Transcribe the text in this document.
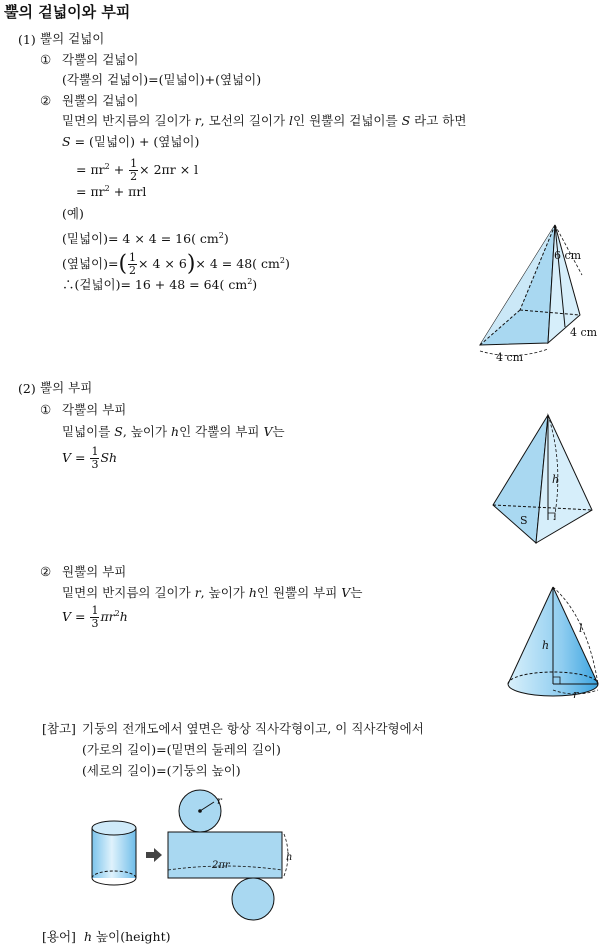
뿔의 겉넓이와 부피
(1) 뿔의 겉넓이
① 각뿔의 겉넓이
(각뿔의 겉넓이)=(밑넓이)+(옆넓이)
② 원뿔의 겉넓이
밑면의 반지름의 길이가 r, 모선의 길이가 l인 원뿔의 겉넓이를 S 라고 하면
S = (밑넓이) + (옆넓이)
= $\pi r^2 + \frac{1}{2} \times 2\pi r \times l$
= $\pi r^2 + \pi rl$
(예)
(밑넓이)= 4 × 4 = 16( $cm^2$)
(옆넓이)=( $\frac{1}{2} \times 4 \times 6)\times 4 = 48$( $cm^2$)
∴(겉넓이)= 16 + 48 = 64( $cm^2$)
6 cm
4 cm
4 cm
(2) 뿔의 부피
① 각뿔의 부피
밑넓이를 S, 높이가 h인 각뿔의 부피 V는
$V = \frac{1}{3}$ Sh
h
S
② 원뿔의 부피
밑면의 반지름의 길이가 r, 높이가 h인 원뿔의 부피 V는
$V = \frac{1}{3} \pi r^2h$
h
l
r
[참고] 기둥의 전개도에서 옆면은 항상 직사각형이고, 이 직사각형에서
(가로의 길이)=(밑면의 둘레의 길이)
(세로의 길이)=(기둥의 높이)
r
2πr
h
[용어] h 높이(height)
